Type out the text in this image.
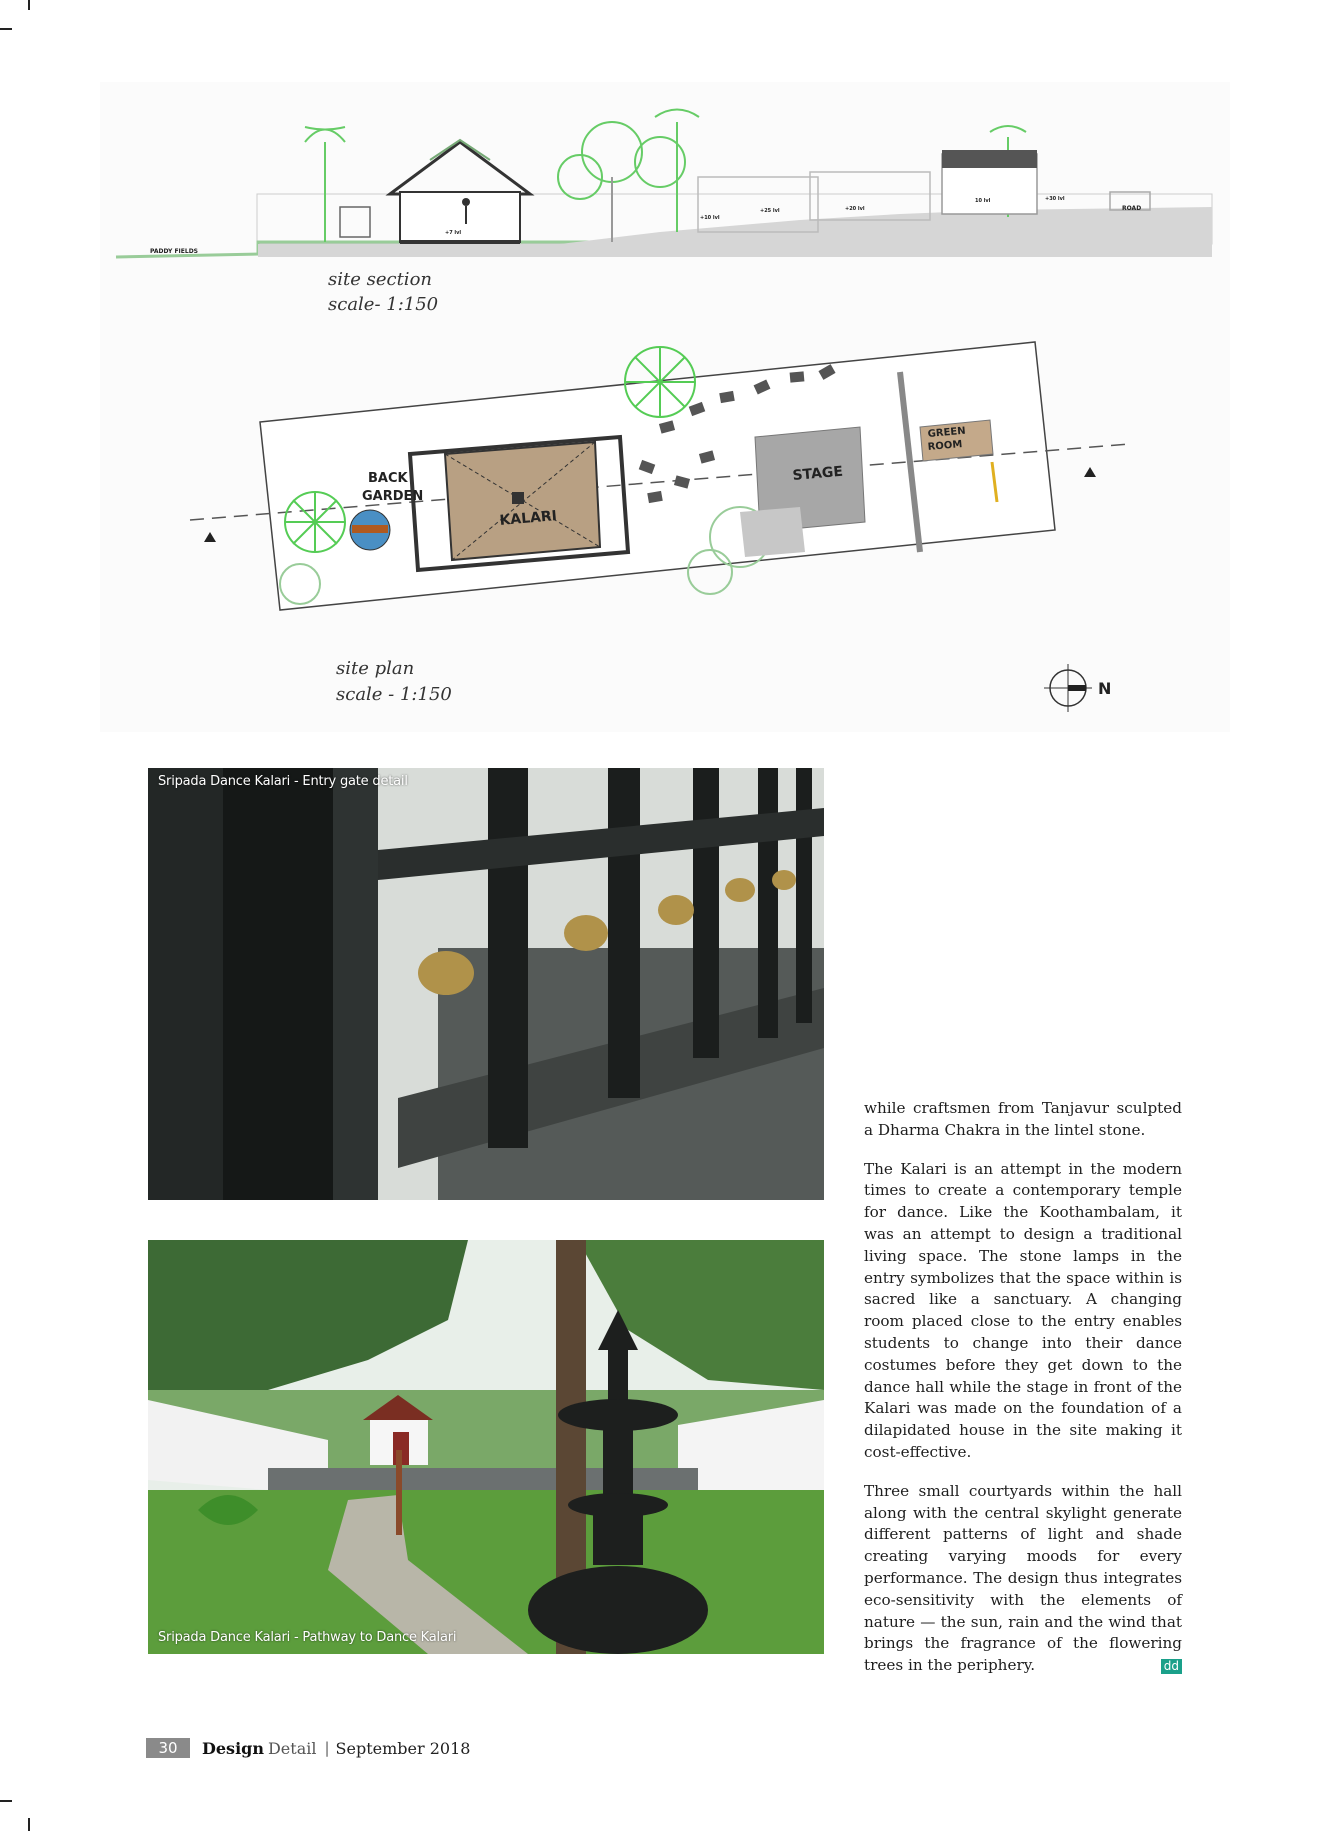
PADDY FIELDS
ROAD
+7 lvl
+10 lvl
+20 lvl
+25 lvl
10 lvl	+30 lvl
site section
scale- 1:150
BACK
GARDEN
KALARI
STAGE
GREEN
ROOM
site plan
scale - 1:150	N
Sripada Dance Kalari - Entry gate detail
Sripada Dance Kalari - Pathway to Dance Kalari

while craftsmen from Tanjavur sculpted a Dharma Chakra in the lintel stone.

The Kalari is an attempt in the modern times to create a contemporary temple for dance. Like the Koothambalam, it was an attempt to design a traditional living space. The stone lamps in the entry symbolizes that the space within is sacred like a sanctuary. A changing room placed close to the entry enables students to change into their dance costumes before they get down to the dance hall while the stage in front of the Kalari was made on the foundation of a dilapidated house in the site making it cost-effective.

Three small courtyards within the hall along with the central skylight generate different patterns of light and shade creating varying moods for every performance. The design thus integrates eco-sensitivity with the elements of nature — the sun, rain and the wind that brings the fragrance of the flowering trees in the periphery.	dd

30	Design Detail | September 2018
